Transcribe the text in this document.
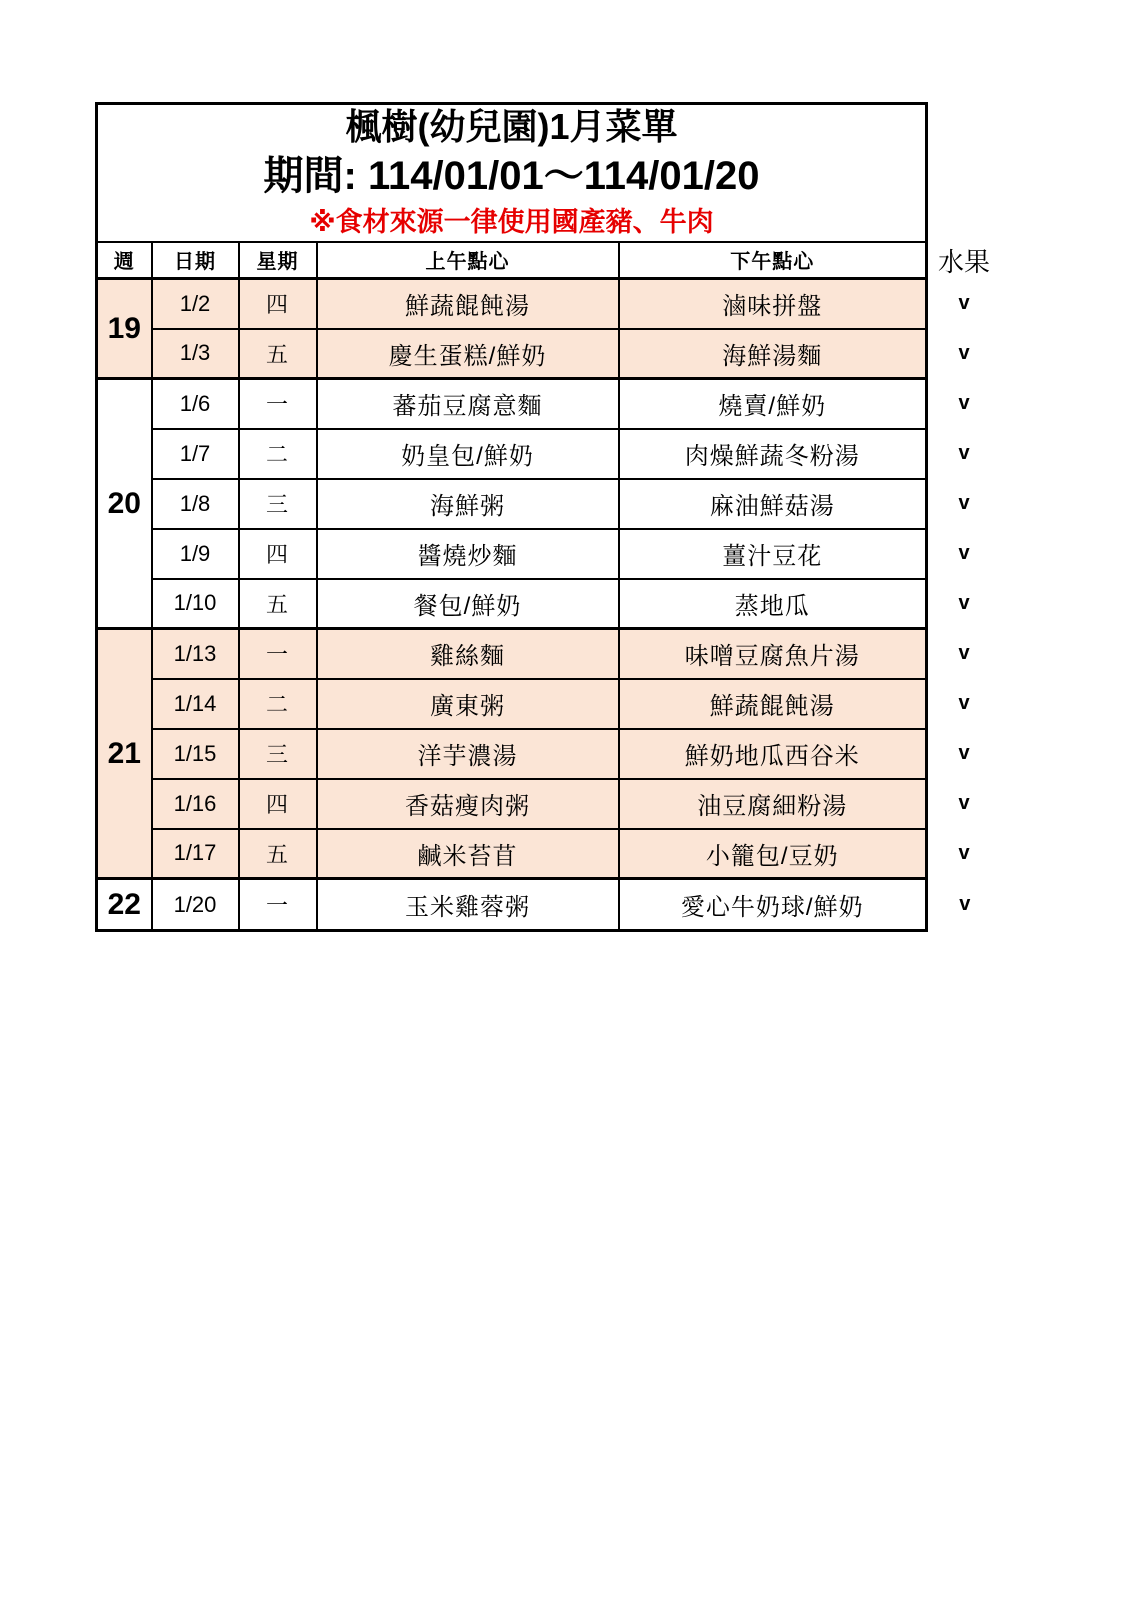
楓樹(幼兒園)1月菜單
期間: 114/01/01～114/01/20
※食材來源一律使用國產豬、牛肉					

週	日期	星期	上午點心	下午點心	水果
19	1/2	四	鮮蔬餛飩湯	滷味拼盤	v
	1/3	五	慶生蛋糕/鮮奶	海鮮湯麵	v
20	1/6	一	蕃茄豆腐意麵	燒賣/鮮奶	v
	1/7	二	奶皇包/鮮奶	肉燥鮮蔬冬粉湯	v
	1/8	三	海鮮粥	麻油鮮菇湯	v
	1/9	四	醬燒炒麵	薑汁豆花	v
	1/10	五	餐包/鮮奶	蒸地瓜	v
21	1/13	一	雞絲麵	味噌豆腐魚片湯	v
	1/14	二	廣東粥	鮮蔬餛飩湯	v
	1/15	三	洋芋濃湯	鮮奶地瓜西谷米	v
	1/16	四	香菇瘦肉粥	油豆腐細粉湯	v
	1/17	五	鹹米苔苜	小籠包/豆奶	v
22	1/20	一	玉米雞蓉粥	愛心牛奶球/鮮奶	v
